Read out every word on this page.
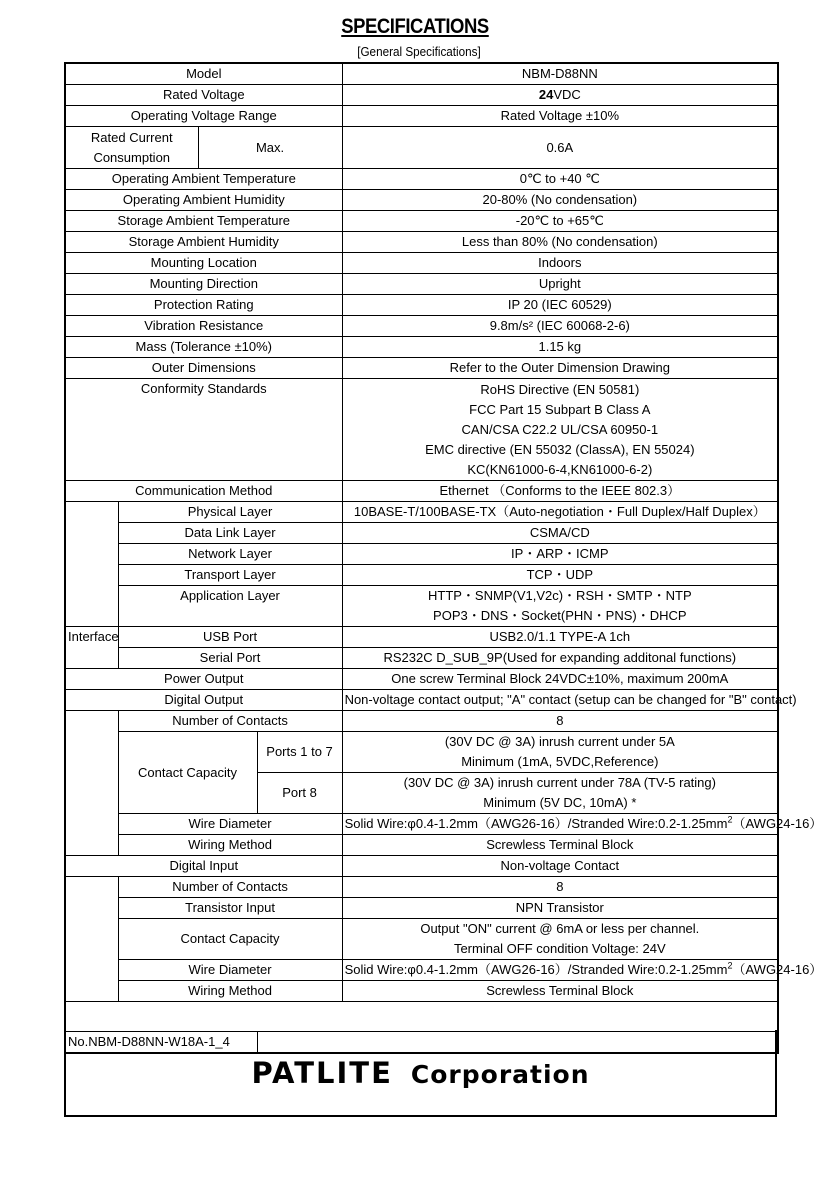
SPECIFICATIONS
[General Specifications]
Model				NBM-D88NN
Rated Voltage				24VDC
Operating Voltage Range				Rated Voltage ±10%

Rated Current
Consumption		Max.		0.6A
Operating Ambient Temperature				0℃ to +40 ℃
Operating Ambient Humidity				20-80% (No condensation)
Storage Ambient Temperature				-20℃ to +65℃
Storage Ambient Humidity				Less than 80% (No condensation)
Mounting Location				Indoors
Mounting Direction				Upright
Protection Rating				IP 20 (IEC 60529)
Vibration Resistance				9.8m/s² (IEC 60068-2-6)
Mass (Tolerance ±10%)				1.15 kg
Outer Dimensions				Refer to the Outer Dimension Drawing
Conformity Standards				RoHS Directive (EN 50581)
FCC Part 15 Subpart B Class A
CAN/CSA C22.2 UL/CSA 60950-1
EMC directive (EN 55032 (ClassA), EN 55024)
KC(KN61000-6-4,KN61000-6-2)

Communication Method				Ethernet （Conforms to the IEEE 802.3）
	Physical Layer			10BASE-T/100BASE-TX（Auto-negotiation・Full Duplex/Half Duplex）
	Data Link Layer			CSMA/CD
	Network Layer			IP・ARP・ICMP
	Transport Layer			TCP・UDP
	Application Layer			HTTP・SNMP(V1,V2c)・RSH・SMTP・NTP
POP3・DNS・Socket(PHN・PNS)・DHCP

Interface	USB Port			USB2.0/1.1 TYPE-A 1ch
	Serial Port			RS232C D_SUB_9P(Used for expanding additonal functions)
Power Output				One screw Terminal Block 24VDC±10%, maximum 200mA
Digital Output				Non-voltage contact output; "A" contact (setup can be changed for "B" contact)
	Number of Contacts			8
	Contact Capacity		Ports 1 to 7	(30V DC @ 3A) inrush current under 5A
Minimum (1mA, 5VDC,Reference)

			Port 8	(30V DC @ 3A) inrush current under 78A (TV-5 rating)
Minimum (5V DC, 10mA) *

	Wire Diameter			Solid Wire:φ0.4-1.2mm（AWG26-16）/Stranded $Wire:0.2-1.25mm^2(AWG24-16)$
	Wiring Method			Screwless Terminal Block

Digital Input				Non-voltage Contact
	Number of Contacts			8
	Transistor Input			NPN Transistor
	Contact Capacity			Output "ON" current @ 6mA or less per channel.
Terminal OFF condition Voltage: 24V

	Wire Diameter			Solid Wire:φ0.4-1.2mm（AWG26-16）/Stranded $Wire:0.2-1.25mm^2(AWG24-16)$
	Wiring Method			Screwless Terminal Block

No.NBM-D88NN-W18A-1_4				
PATLITE Corporation
